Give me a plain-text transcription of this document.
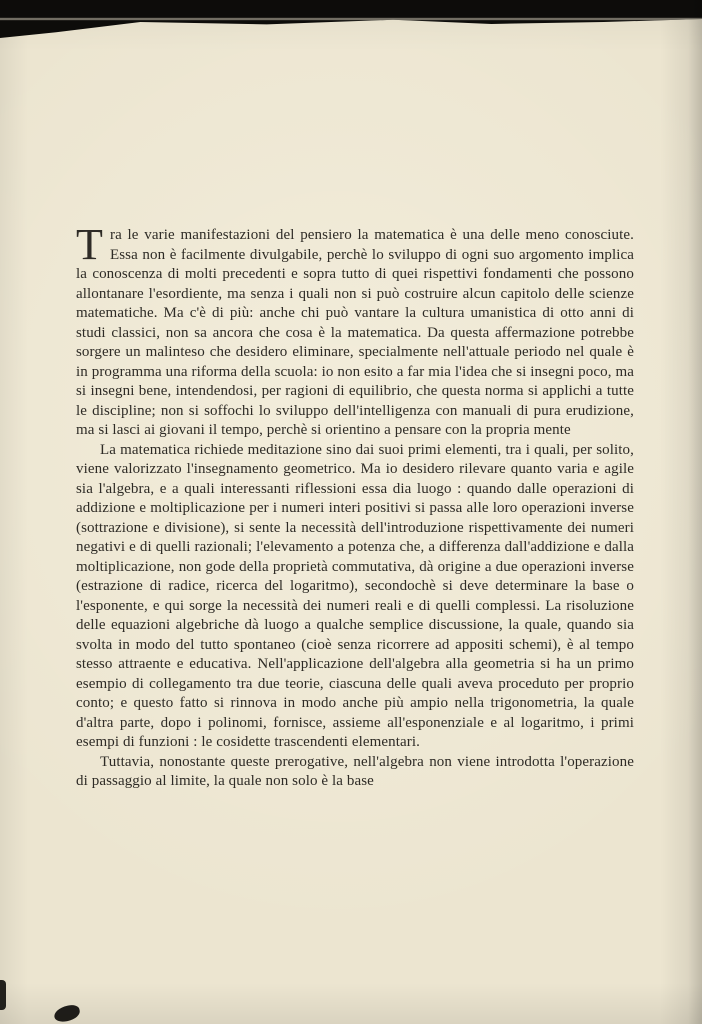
Tra le varie manifestazioni del pensiero la matematica è una delle meno conosciute. Essa non è facilmente divulgabile, perchè lo sviluppo di ogni suo argomento implica la conoscenza di molti precedenti e sopra tutto di quei rispettivi fondamenti che possono allontanare l'esordiente, ma senza i quali non si può costruire alcun capitolo delle scienze matematiche. Ma c'è di più: anche chi può vantare la cultura umanistica di otto anni di studi classici, non sa ancora che cosa è la matematica. Da questa affermazione potrebbe sorgere un malinteso che desidero eliminare, specialmente nell'attuale periodo nel quale è in programma una riforma della scuola: io non esito a far mia l'idea che si insegni poco, ma si insegni bene, intendendosi, per ragioni di equilibrio, che questa norma si applichi a tutte le discipline; non si soffochi lo sviluppo dell'intelligenza con manuali di pura erudizione, ma si lasci ai giovani il tempo, perchè si orientino a pensare con la propria mente

La matematica richiede meditazione sino dai suoi primi elementi, tra i quali, per solito, viene valorizzato l'insegnamento geometrico. Ma io desidero rilevare quanto varia e agile sia l'algebra, e a quali interessanti riflessioni essa dia luogo : quando dalle operazioni di addizione e moltiplicazione per i numeri interi positivi si passa alle loro operazioni inverse (sottrazione e divisione), si sente la necessità dell'introduzione rispettivamente dei numeri negativi e di quelli razionali; l'elevamento a potenza che, a differenza dall'addizione e dalla moltiplicazione, non gode della proprietà commutativa, dà origine a due operazioni inverse (estrazione di radice, ricerca del logaritmo), secondochè si deve determinare la base o l'esponente, e qui sorge la necessità dei numeri reali e di quelli complessi. La risoluzione delle equazioni algebriche dà luogo a qualche semplice discussione, la quale, quando sia svolta in modo del tutto spontaneo (cioè senza ricorrere ad appositi schemi), è al tempo stesso attraente e educativa. Nell'applicazione dell'algebra alla geometria si ha un primo esempio di collegamento tra due teorie, ciascuna delle quali aveva proceduto per proprio conto; e questo fatto si rinnova in modo anche più ampio nella trigonometria, la quale d'altra parte, dopo i polinomi, fornisce, assieme all'esponenziale e al logaritmo, i primi esempi di funzioni : le cosidette trascendenti elementari.

Tuttavia, nonostante queste prerogative, nell'algebra non viene introdotta l'operazione di passaggio al limite, la quale non solo è la base
